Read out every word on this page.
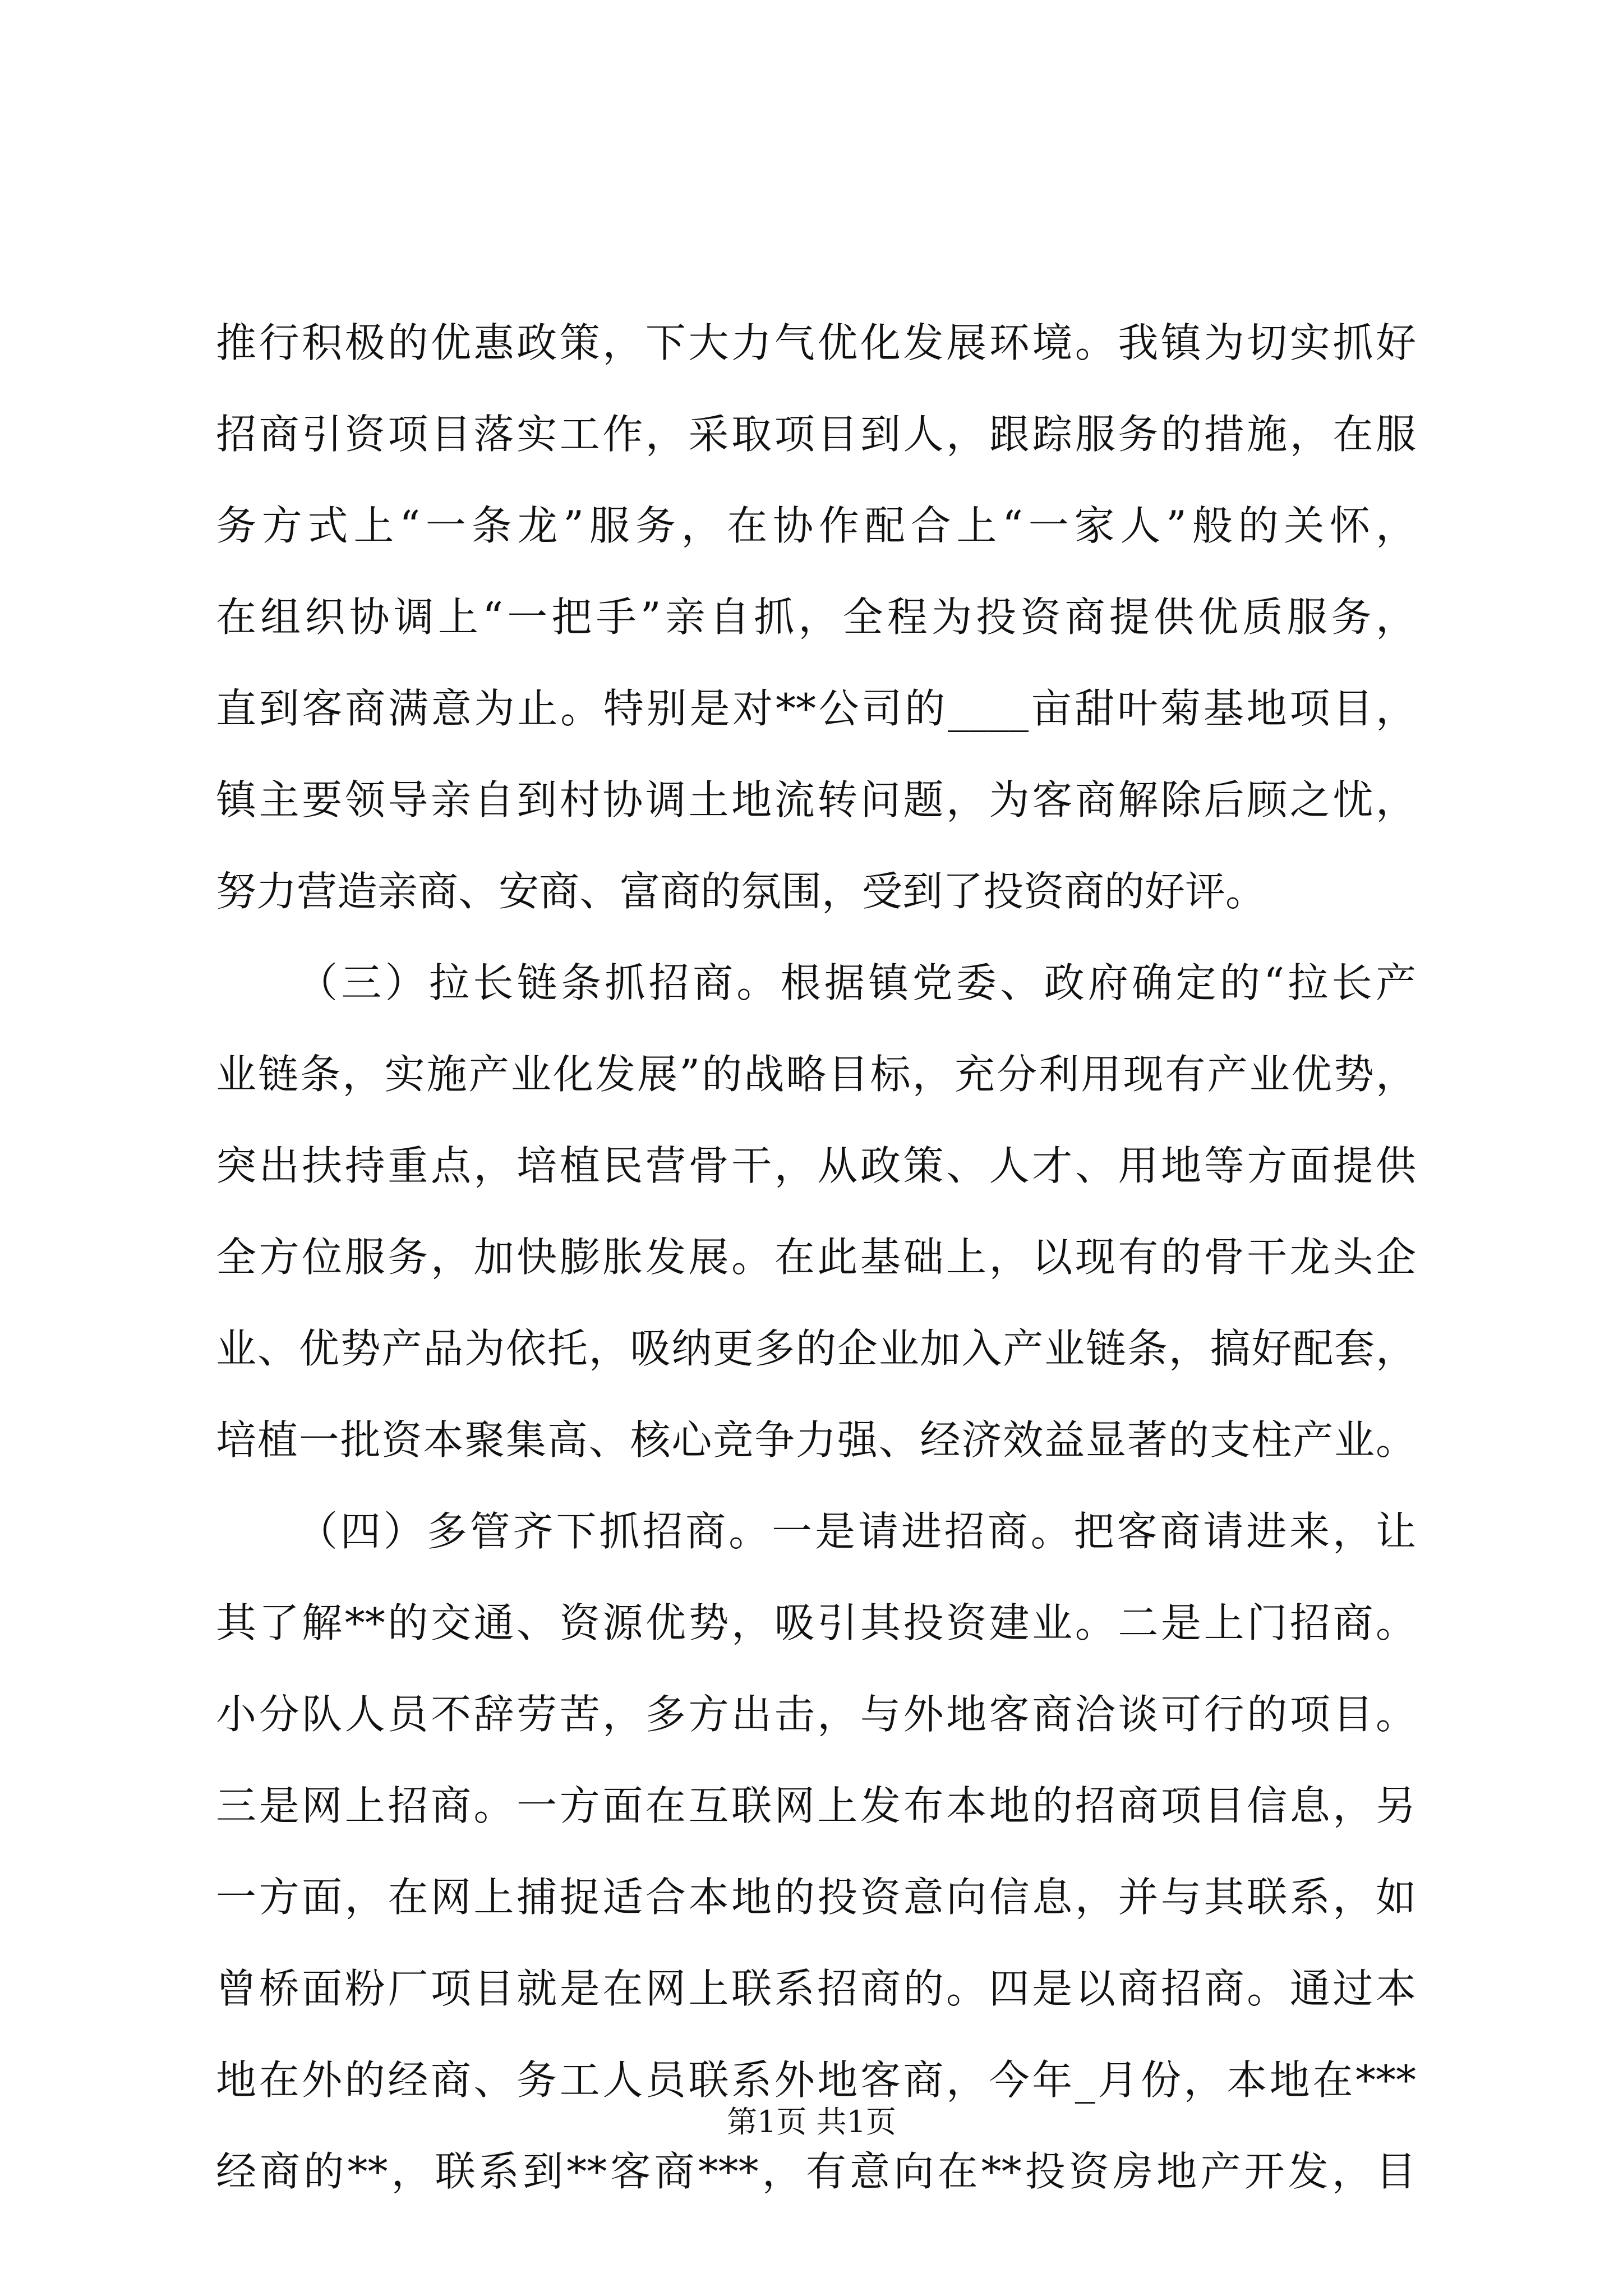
推行积极的优惠政策，下大力气优化发展环境。我镇为切实抓好
招商引资项目落实工作，采取项目到人，跟踪服务的措施，在服
务方式上“一条龙”服务，在协作配合上“一家人”般的关怀，
在组织协调上“一把手”亲自抓，全程为投资商提供优质服务，
直到客商满意为止。特别是对**公司的____亩甜叶菊基地项目，
镇主要领导亲自到村协调土地流转问题，为客商解除后顾之忧，
努力营造亲商、安商、富商的氛围，受到了投资商的好评。
（三）拉长链条抓招商。根据镇党委、政府确定的“拉长产
业链条，实施产业化发展”的战略目标，充分利用现有产业优势，
突出扶持重点，培植民营骨干，从政策、人才、用地等方面提供
全方位服务，加快膨胀发展。在此基础上，以现有的骨干龙头企
业、优势产品为依托，吸纳更多的企业加入产业链条，搞好配套，
培植一批资本聚集高、核心竞争力强、经济效益显著的支柱产业。
（四）多管齐下抓招商。一是请进招商。把客商请进来，让
其了解**的交通、资源优势，吸引其投资建业。二是上门招商。
小分队人员不辞劳苦，多方出击，与外地客商洽谈可行的项目。
三是网上招商。一方面在互联网上发布本地的招商项目信息，另
一方面，在网上捕捉适合本地的投资意向信息，并与其联系，如
曾桥面粉厂项目就是在网上联系招商的。四是以商招商。通过本
地在外的经商、务工人员联系外地客商，今年_月份，本地在***
经商的**，联系到**客商***，有意向在**投资房地产开发，目
第1页 共1页
